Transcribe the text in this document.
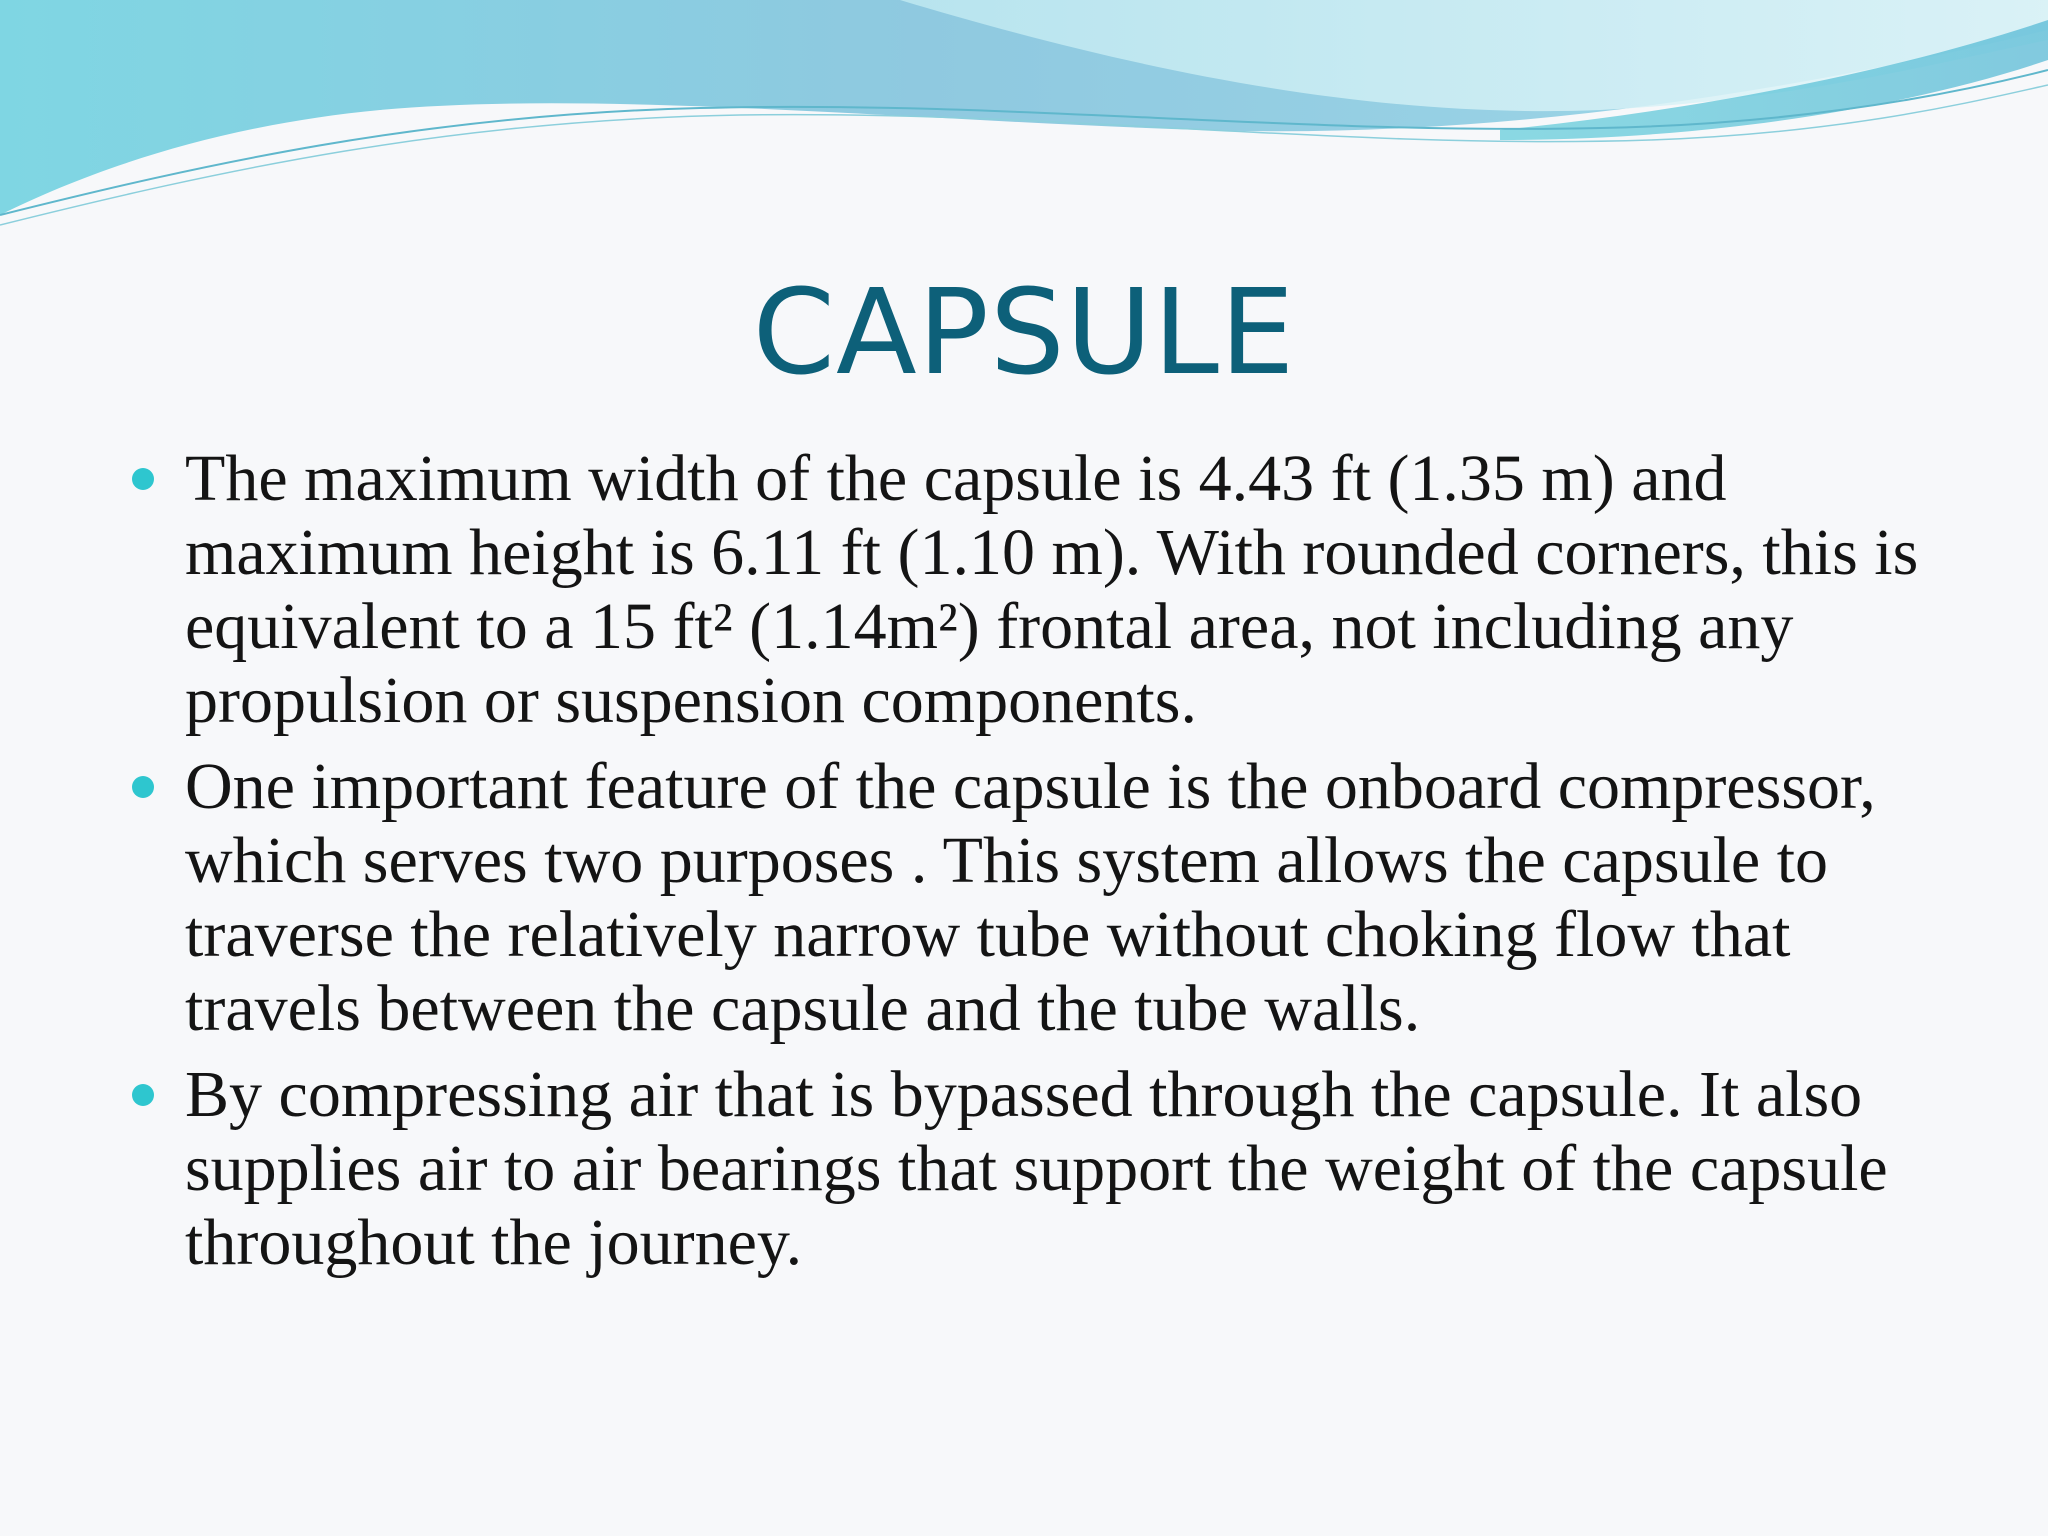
CAPSULE
The maximum width of the capsule is 4.43 ft (1.35 m) and maximum height is 6.11 ft (1.10 m). With rounded corners, this is equivalent to a 15 ft² (1.14m²) frontal area, not including any propulsion or suspension components.
One important feature of the capsule is the onboard compressor, which serves two purposes . This system allows the capsule to traverse the relatively narrow tube without choking flow that travels between the capsule and the tube walls.
By compressing air that is bypassed through the capsule. It also supplies air to air bearings that support the weight of the capsule throughout the journey.
